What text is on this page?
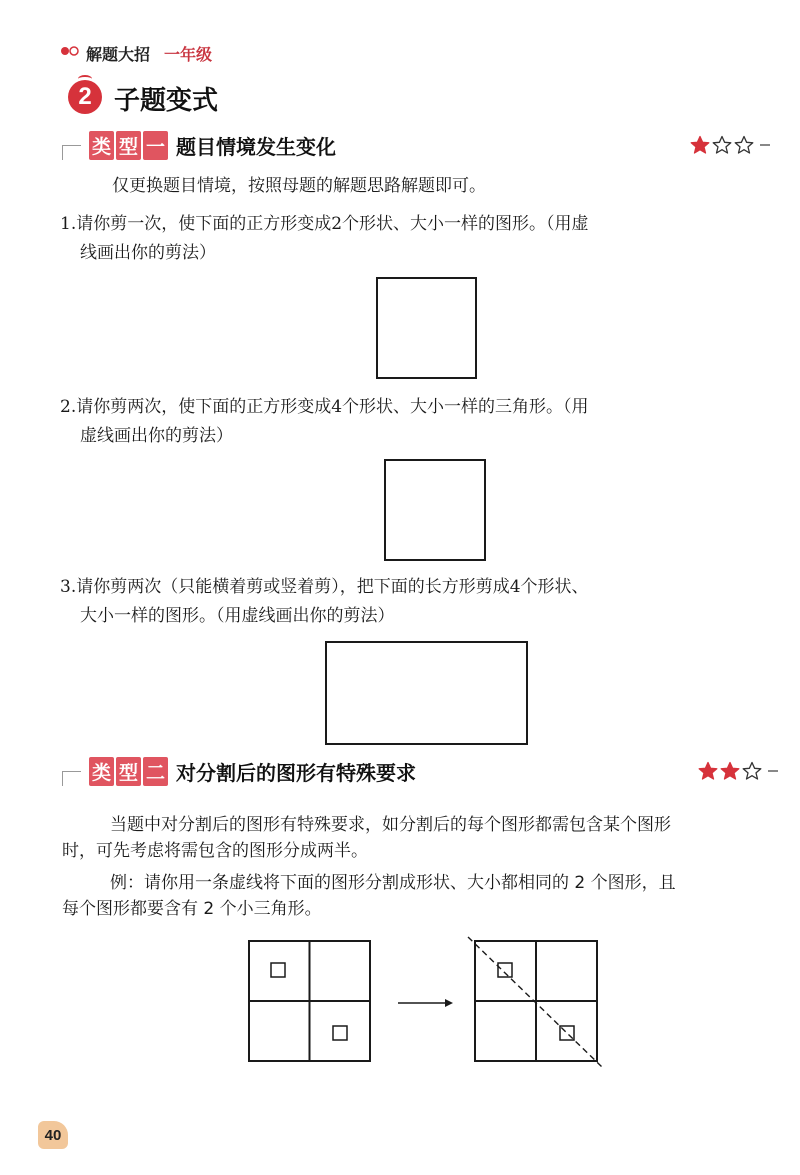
解题大招 一年级
2 子题变式
类 型 一 题目情境发生变化
仅更换题目情境，按照母题的解题思路解题即可。
1.请你剪一次，使下面的正方形变成2个形状、大小一样的图形。（用虚
线画出你的剪法）
2.请你剪两次，使下面的正方形变成4个形状、大小一样的三角形。（用
虚线画出你的剪法）
3.请你剪两次（只能横着剪或竖着剪），把下面的长方形剪成4个形状、
大小一样的图形。（用虚线画出你的剪法）
类 型 二 对分割后的图形有特殊要求
当题中对分割后的图形有特殊要求，如分割后的每个图形都需包含某个图形
时，可先考虑将需包含的图形分成两半。
例：请你用一条虚线将下面的图形分割成形状、大小都相同的 2 个图形，且
每个图形都要含有 2 个小三角形。
40
